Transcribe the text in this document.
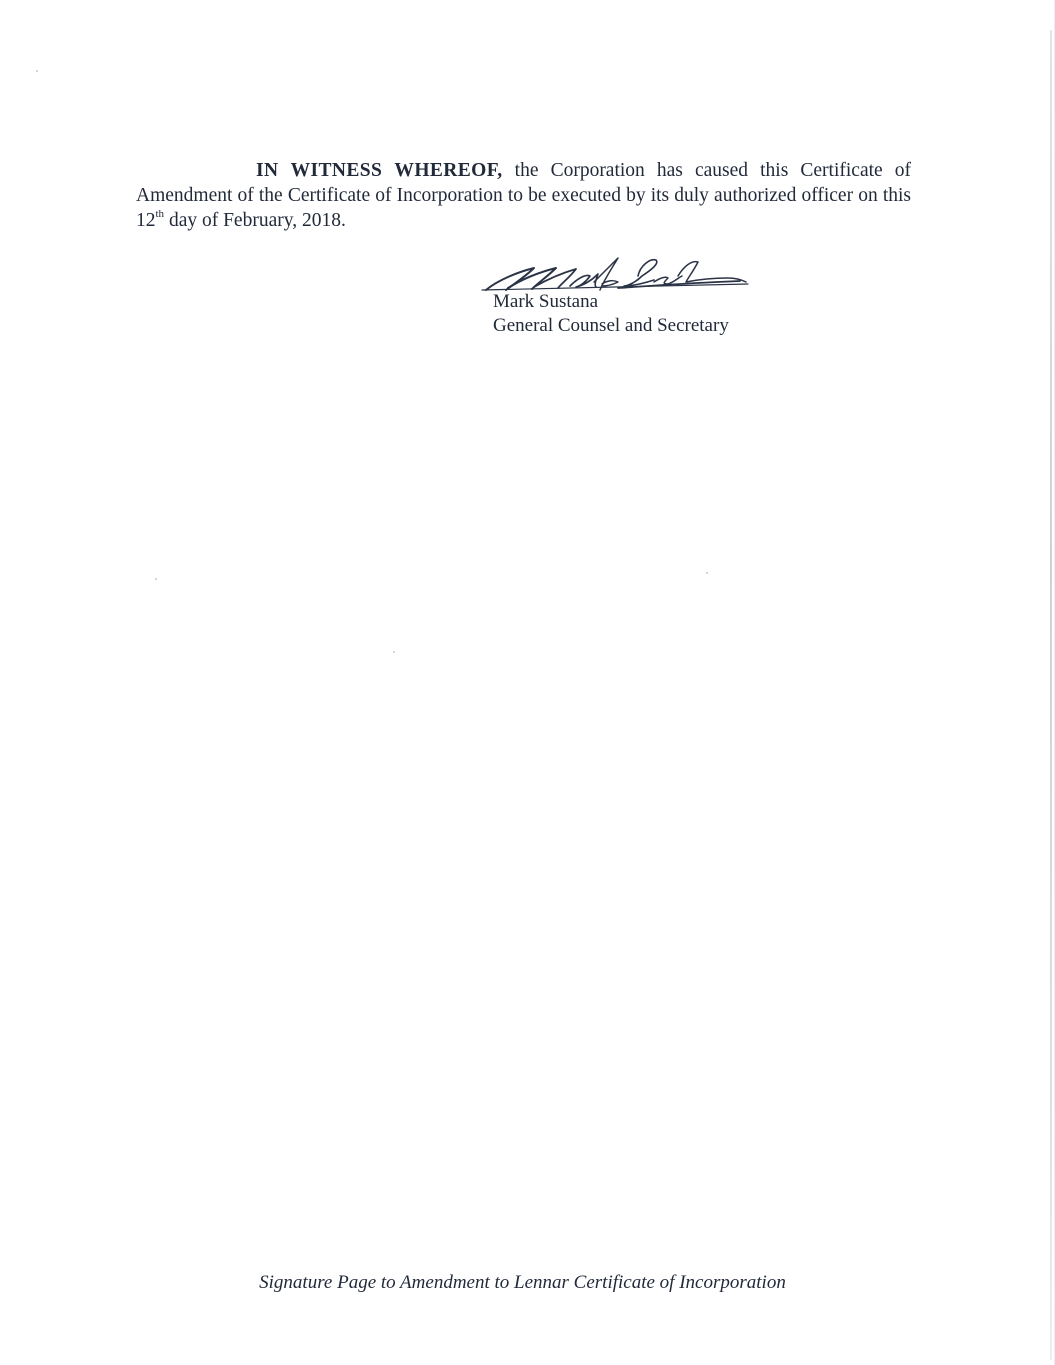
IN WITNESS WHEREOF, the Corporation has caused this Certificate of Amendment of the Certificate of Incorporation to be executed by its duly authorized officer on this 12th day of February, 2018.

Mark Sustana
General Counsel and Secretary
Signature Page to Amendment to Lennar Certificate of Incorporation
